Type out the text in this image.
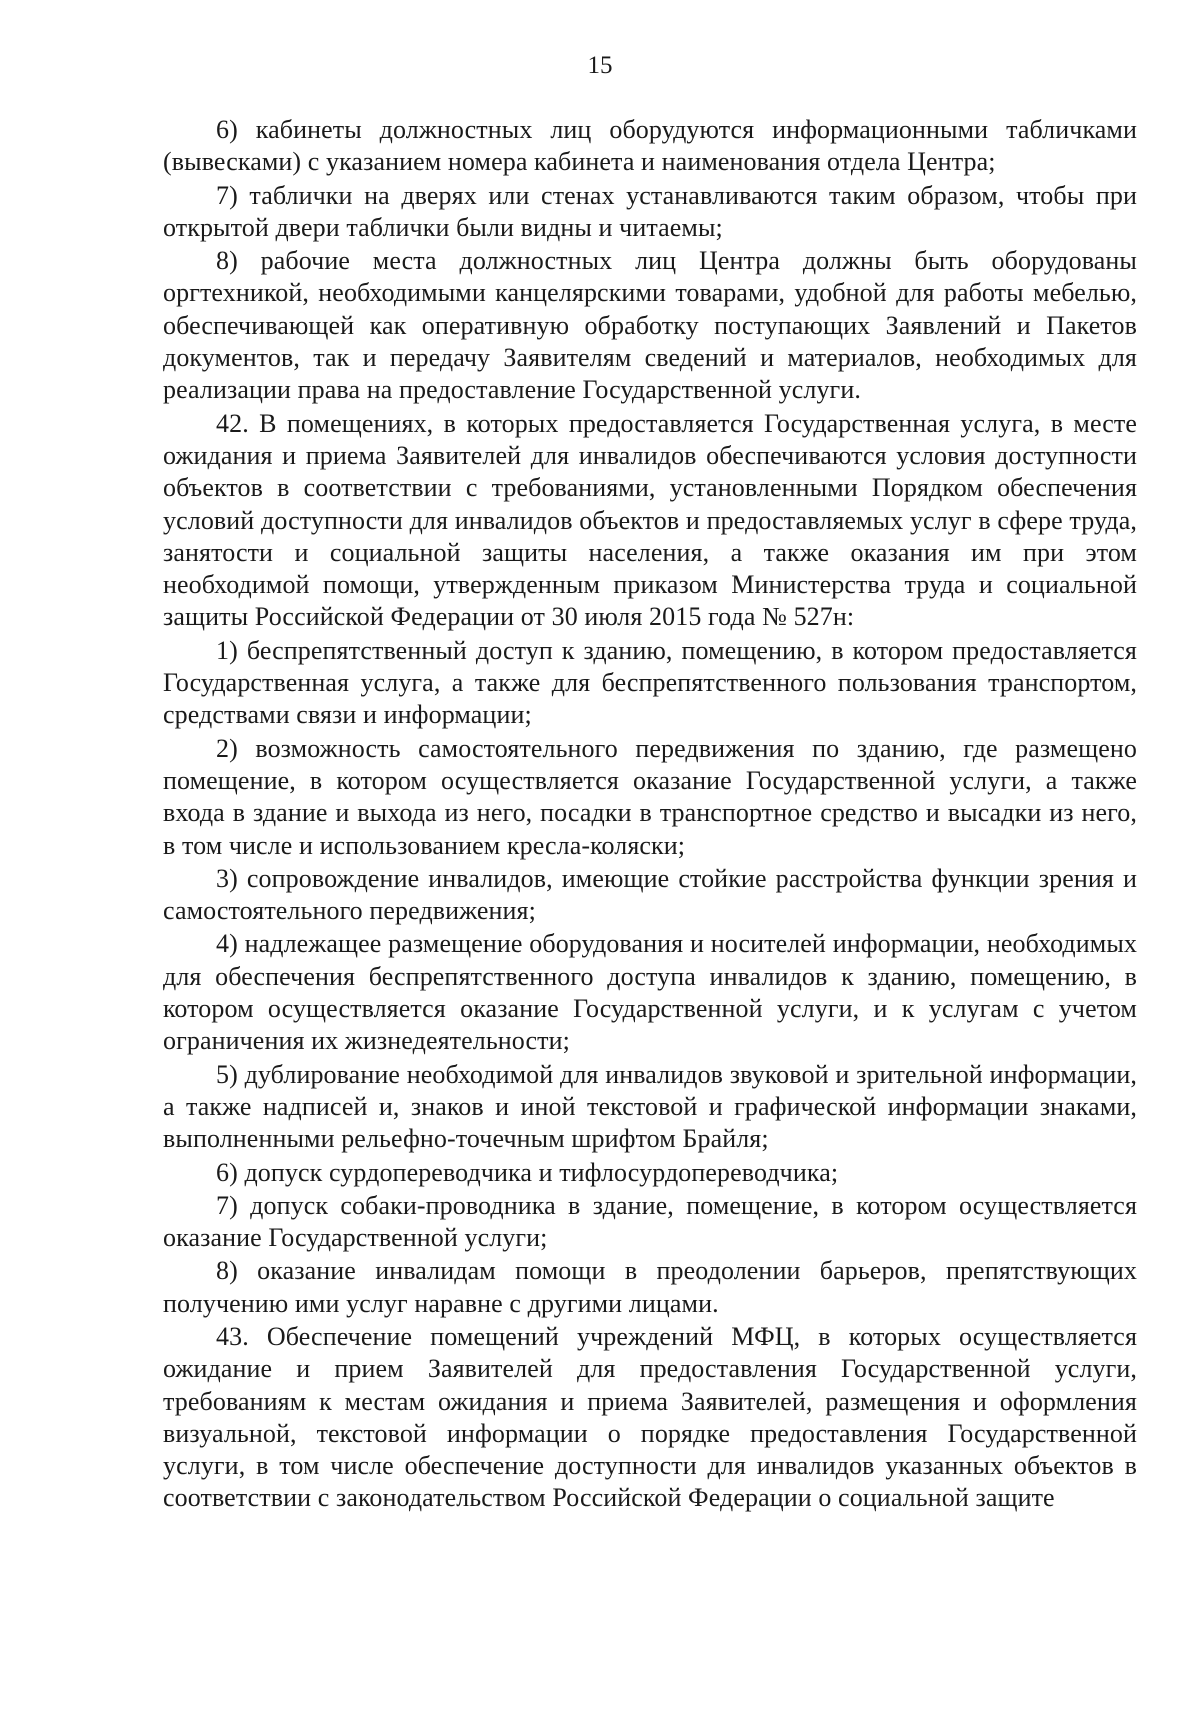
15

6) кабинеты должностных лиц оборудуются информационными табличками (вывесками) с указанием номера кабинета и наименования отдела Центра;

7) таблички на дверях или стенах устанавливаются таким образом, чтобы при открытой двери таблички были видны и читаемы;

8) рабочие места должностных лиц Центра должны быть оборудованы оргтехникой, необходимыми канцелярскими товарами, удобной для работы мебелью, обеспечивающей как оперативную обработку поступающих Заявлений и Пакетов документов, так и передачу Заявителям сведений и материалов, необходимых для реализации права на предоставление Государственной услуги.

42. В помещениях, в которых предоставляется Государственная услуга, в месте ожидания и приема Заявителей для инвалидов обеспечиваются условия доступности объектов в соответствии с требованиями, установленными Порядком обеспечения условий доступности для инвалидов объектов и предоставляемых услуг в сфере труда, занятости и социальной защиты населения, а также оказания им при этом необходимой помощи, утвержденным приказом Министерства труда и социальной защиты Российской Федерации от 30 июля 2015 года № 527н:

1) беспрепятственный доступ к зданию, помещению, в котором предоставляется Государственная услуга, а также для беспрепятственного пользования транспортом, средствами связи и информации;

2) возможность самостоятельного передвижения по зданию, где размещено помещение, в котором осуществляется оказание Государственной услуги, а также входа в здание и выхода из него, посадки в транспортное средство и высадки из него, в том числе и использованием кресла-коляски;

3) сопровождение инвалидов, имеющие стойкие расстройства функции зрения и самостоятельного передвижения;

4) надлежащее размещение оборудования и носителей информации, необходимых для обеспечения беспрепятственного доступа инвалидов к зданию, помещению, в котором осуществляется оказание Государственной услуги, и к услугам с учетом ограничения их жизнедеятельности;

5) дублирование необходимой для инвалидов звуковой и зрительной информации, а также надписей и, знаков и иной текстовой и графической информации знаками, выполненными рельефно-точечным шрифтом Брайля;

6) допуск сурдопереводчика и тифлосурдопереводчика;

7) допуск собаки-проводника в здание, помещение, в котором осуществляется оказание Государственной услуги;

8) оказание инвалидам помощи в преодолении барьеров, препятствующих получению ими услуг наравне с другими лицами.

43. Обеспечение помещений учреждений МФЦ, в которых осуществляется ожидание и прием Заявителей для предоставления Государственной услуги, требованиям к местам ожидания и приема Заявителей, размещения и оформления визуальной, текстовой информации о порядке предоставления Государственной услуги, в том числе обеспечение доступности для инвалидов указанных объектов в соответствии с законодательством Российской Федерации о социальной защите
